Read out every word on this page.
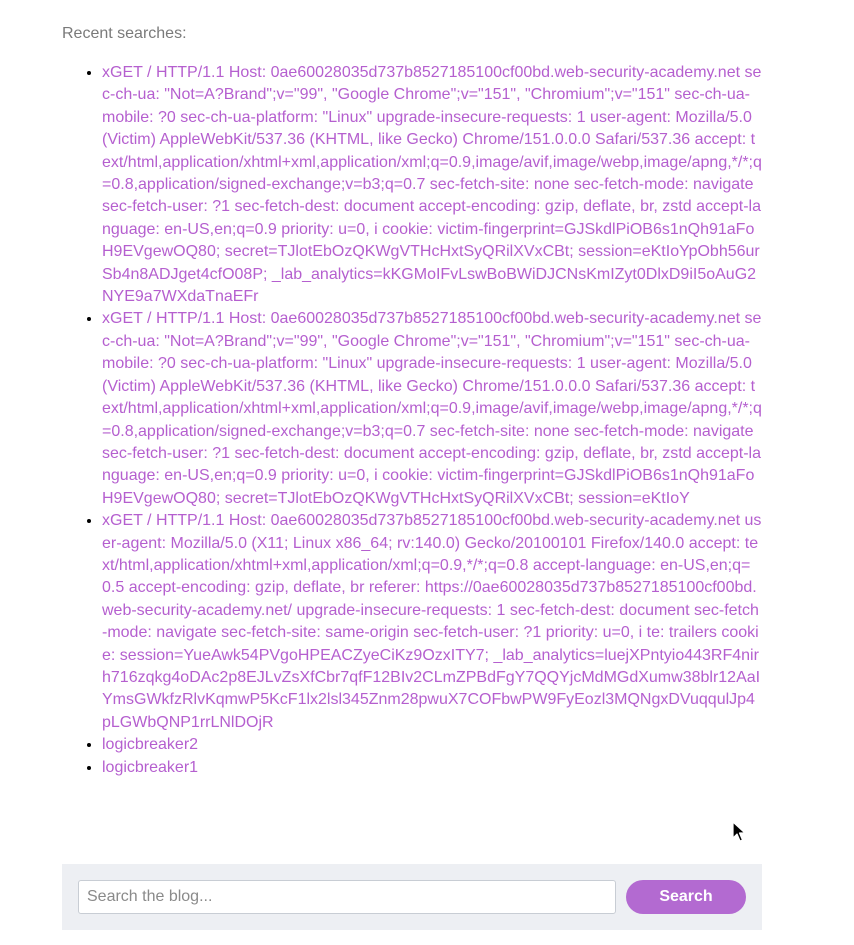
Recent searches:

• xGET / HTTP/1.1 Host: 0ae60028035d737b8527185100cf00bd.web-security-academy.net sec-ch-ua: "Not=A?Brand";v="99", "Google Chrome";v="151", "Chromium";v="151" sec-ch-ua-mobile: ?0 sec-ch-ua-platform: "Linux" upgrade-insecure-requests: 1 user-agent: Mozilla/5.0 (Victim) AppleWebKit/537.36 (KHTML, like Gecko) Chrome/151.0.0.0 Safari/537.36 accept: text/html,application/xhtml+xml,application/xml;q=0.9,image/avif,image/webp,image/apng,*/*;q=0.8,application/signed-exchange;v=b3;q=0.7 sec-fetch-site: none sec-fetch-mode: navigate sec-fetch-user: ?1 sec-fetch-dest: document accept-encoding: gzip, deflate, br, zstd accept-language: en-US,en;q=0.9 priority: u=0, i cookie: victim-fingerprint=GJSkdlPiOB6s1nQh91aFoH9EVgewOQ80; secret=TJlotEbOzQKWgVTHcHxtSyQRilXVxCBt; session=eKtIoYpObh56urSb4n8ADJget4cfO08P; _lab_analytics=kKGMoIFvLswBoBWiDJCNsKmIZyt0DlxD9iI5oAuG2NYE9a7WXdaTnaEFr
• xGET / HTTP/1.1 Host: 0ae60028035d737b8527185100cf00bd.web-security-academy.net sec-ch-ua: "Not=A?Brand";v="99", "Google Chrome";v="151", "Chromium";v="151" sec-ch-ua-mobile: ?0 sec-ch-ua-platform: "Linux" upgrade-insecure-requests: 1 user-agent: Mozilla/5.0 (Victim) AppleWebKit/537.36 (KHTML, like Gecko) Chrome/151.0.0.0 Safari/537.36 accept: text/html,application/xhtml+xml,application/xml;q=0.9,image/avif,image/webp,image/apng,*/*;q=0.8,application/signed-exchange;v=b3;q=0.7 sec-fetch-site: none sec-fetch-mode: navigate sec-fetch-user: ?1 sec-fetch-dest: document accept-encoding: gzip, deflate, br, zstd accept-language: en-US,en;q=0.9 priority: u=0, i cookie: victim-fingerprint=GJSkdlPiOB6s1nQh91aFoH9EVgewOQ80; secret=TJlotEbOzQKWgVTHcHxtSyQRilXVxCBt; session=eKtIoY
• xGET / HTTP/1.1 Host: 0ae60028035d737b8527185100cf00bd.web-security-academy.net user-agent: Mozilla/5.0 (X11; Linux x86_64; rv:140.0) Gecko/20100101 Firefox/140.0 accept: text/html,application/xhtml+xml,application/xml;q=0.9,*/*;q=0.8 accept-language: en-US,en;q=0.5 accept-encoding: gzip, deflate, br referer: https://0ae60028035d737b8527185100cf00bd.web-security-academy.net/ upgrade-insecure-requests: 1 sec-fetch-dest: document sec-fetch-mode: navigate sec-fetch-site: same-origin sec-fetch-user: ?1 priority: u=0, i te: trailers cookie: session=YueAwk54PVgoHPEACZyeCiKz9OzxITY7; _lab_analytics=luejXPntyio443RF4nirh716zqkg4oDAc2p8EJLvZsXfCbr7qfF12BIv2CLmZPBdFgY7QQYjcMdMGdXumw38blr12AaIYmsGWkfzRlvKqmwP5KcF1lx2lsl345Znm28pwuX7COFbwPW9FyEozl3MQNgxDVuqqulJp4pLGWbQNP1rrLNlDOjR
• logicbreaker2
• logicbreaker1
Search the blog...
Search
